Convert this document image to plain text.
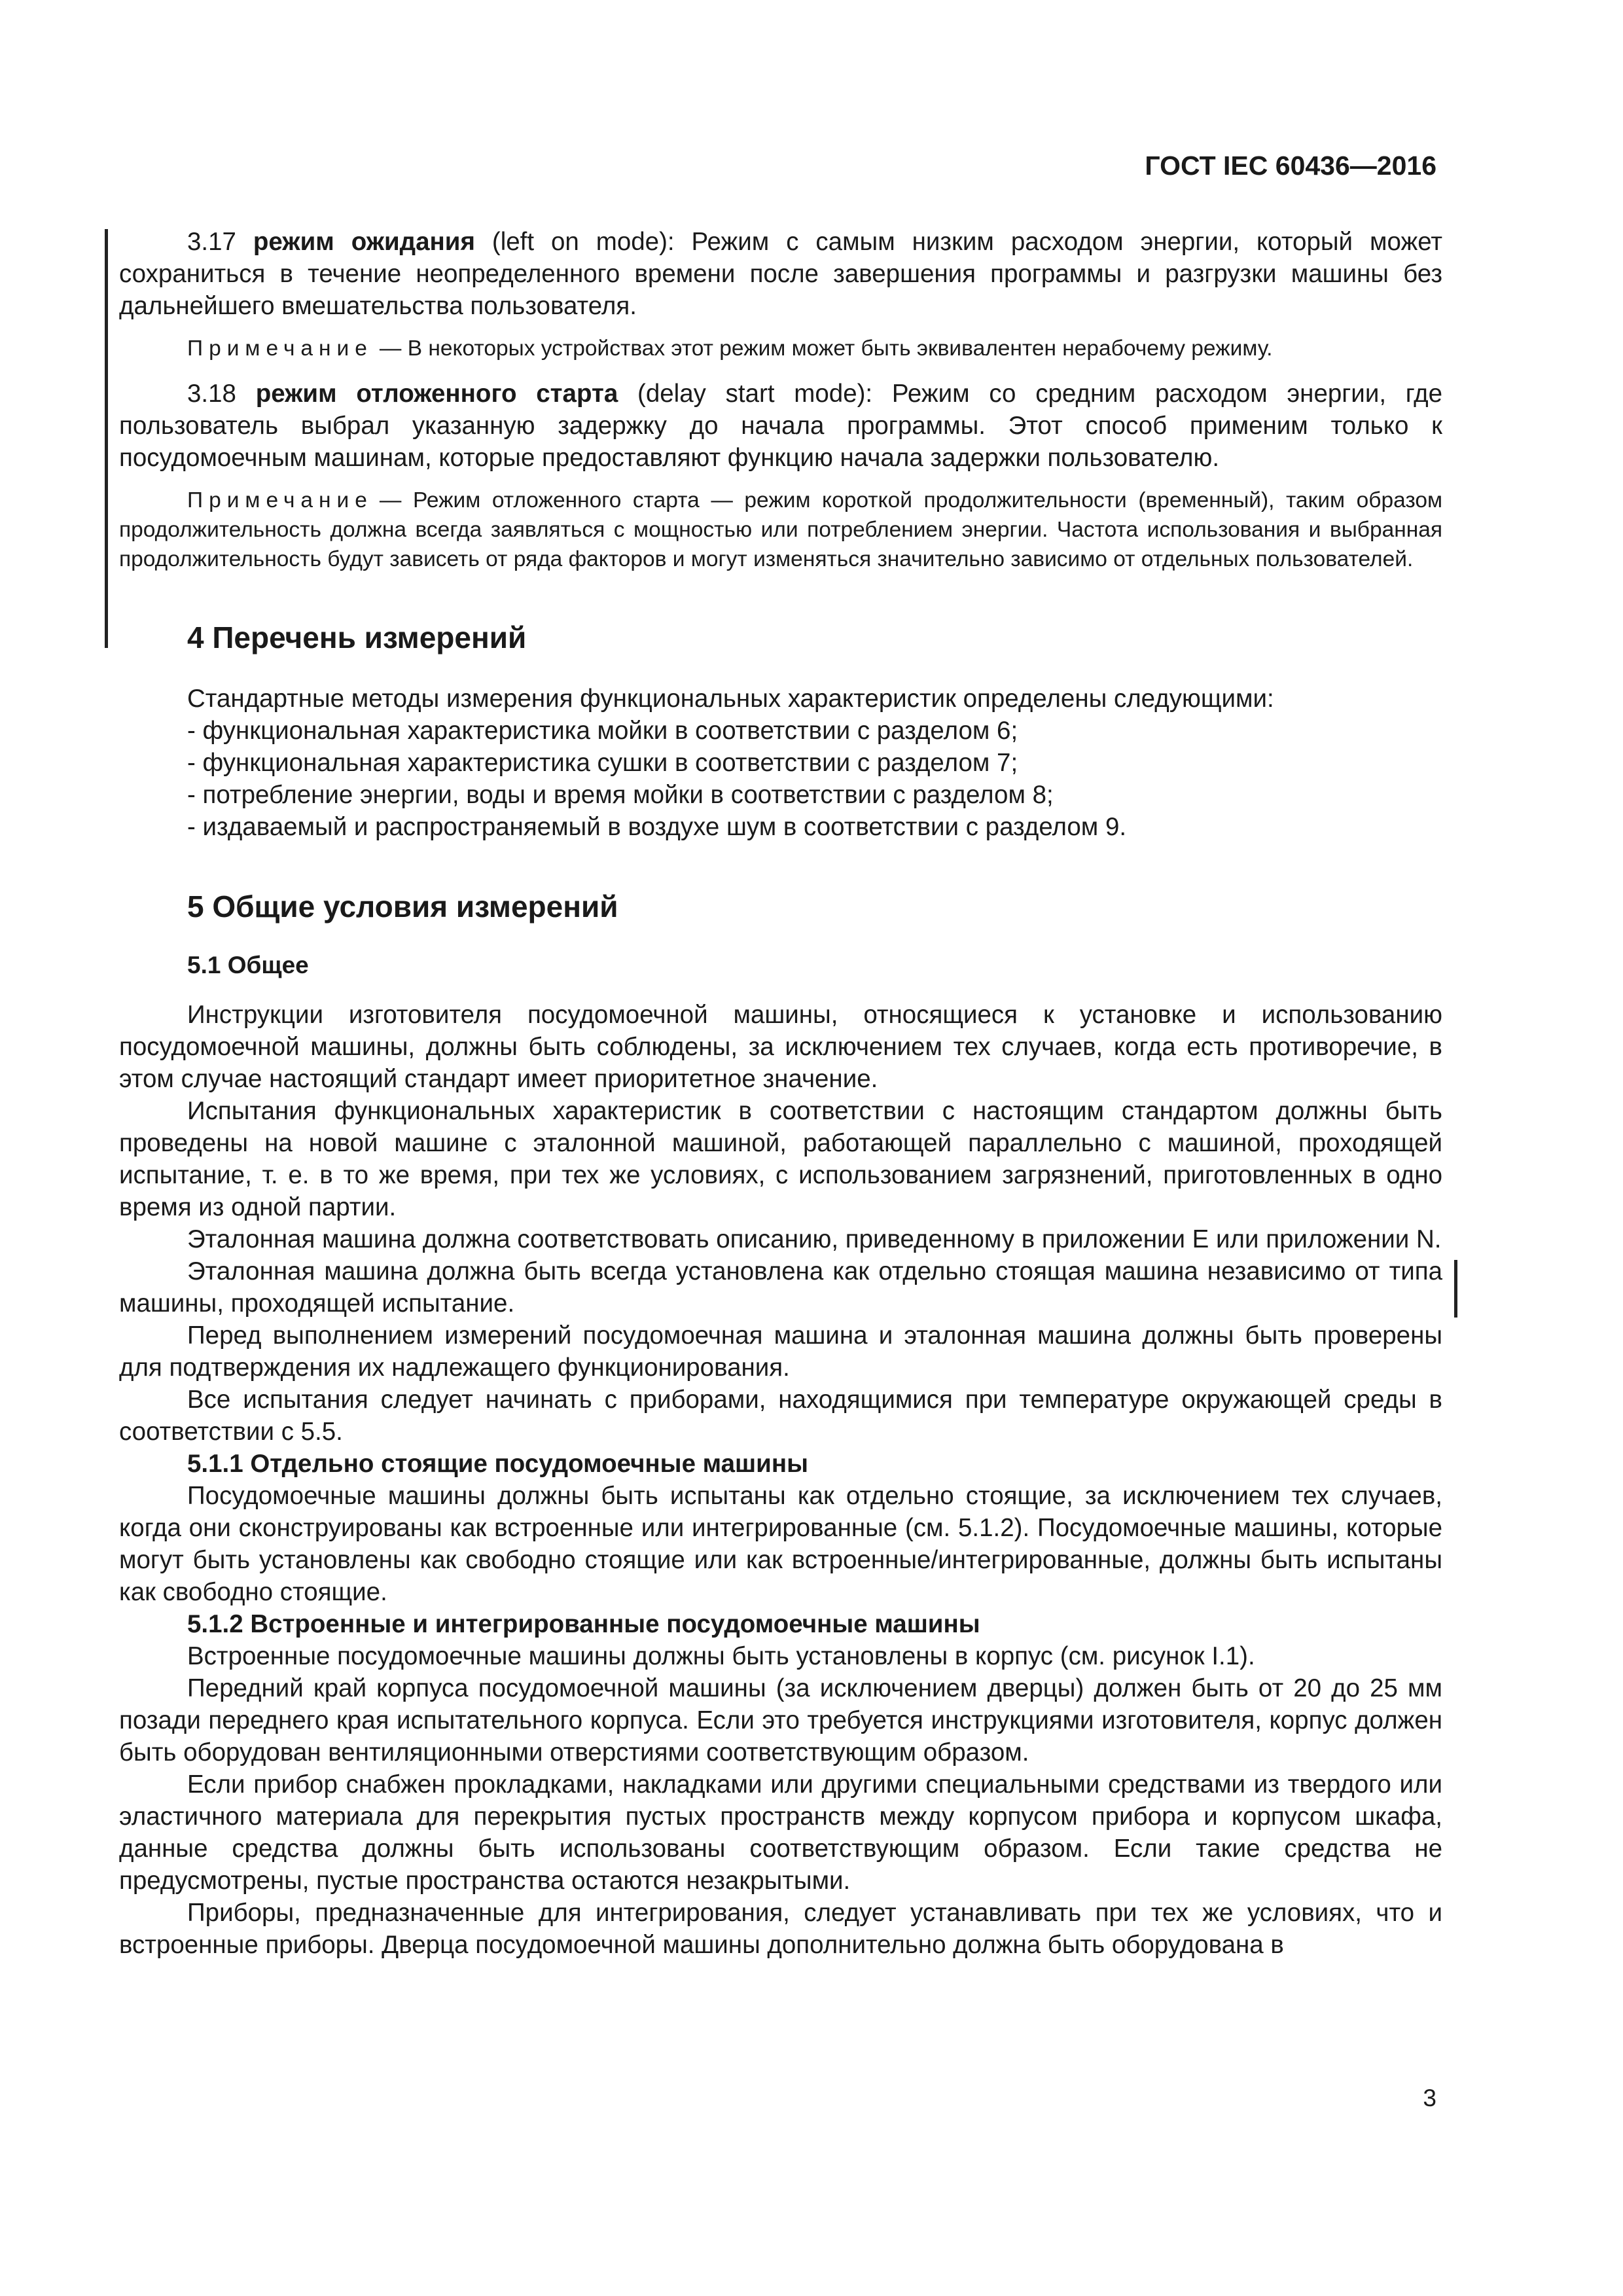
ГОСТ IEC 60436—2016

3.17 режим ожидания (left on mode): Режим с самым низким расходом энергии, который может сохраниться в течение неопределенного времени после завершения программы и разгрузки машины без дальнейшего вмешательства пользователя.

Примечание — В некоторых устройствах этот режим может быть эквивалентен нерабочему режиму.

3.18 режим отложенного старта (delay start mode): Режим со средним расходом энергии, где пользователь выбрал указанную задержку до начала программы. Этот способ применим только к посудомоечным машинам, которые предоставляют функцию начала задержки пользователю.

Примечание — Режим отложенного старта — режим короткой продолжительности (временный), таким образом продолжительность должна всегда заявляться с мощностью или потреблением энергии. Частота использования и выбранная продолжительность будут зависеть от ряда факторов и могут изменяться значительно зависимо от отдельных пользователей.

4 Перечень измерений

Стандартные методы измерения функциональных характеристик определены следующими:

- функциональная характеристика мойки в соответствии с разделом 6;
- функциональная характеристика сушки в соответствии с разделом 7;
- потребление энергии, воды и время мойки в соответствии с разделом 8;
- издаваемый и распространяемый в воздухе шум в соответствии с разделом 9.
5 Общие условия измерений
5.1 Общее

Инструкции изготовителя посудомоечной машины, относящиеся к установке и использованию посудомоечной машины, должны быть соблюдены, за исключением тех случаев, когда есть противоречие, в этом случае настоящий стандарт имеет приоритетное значение.

Испытания функциональных характеристик в соответствии с настоящим стандартом должны быть проведены на новой машине с эталонной машиной, работающей параллельно с машиной, проходящей испытание, т. е. в то же время, при тех же условиях, с использованием загрязнений, приготовленных в одно время из одной партии.

Эталонная машина должна соответствовать описанию, приведенному в приложении E или приложении N.

Эталонная машина должна быть всегда установлена как отдельно стоящая машина независимо от типа машины, проходящей испытание.

Перед выполнением измерений посудомоечная машина и эталонная машина должны быть проверены для подтверждения их надлежащего функционирования.

Все испытания следует начинать с приборами, находящимися при температуре окружающей среды в соответствии с 5.5.

5.1.1 Отдельно стоящие посудомоечные машины

Посудомоечные машины должны быть испытаны как отдельно стоящие, за исключением тех случаев, когда они сконструированы как встроенные или интегрированные (см. 5.1.2). Посудомоечные машины, которые могут быть установлены как свободно стоящие или как встроенные/интегрированные, должны быть испытаны как свободно стоящие.

5.1.2 Встроенные и интегрированные посудомоечные машины

Встроенные посудомоечные машины должны быть установлены в корпус (см. рисунок I.1).

Передний край корпуса посудомоечной машины (за исключением дверцы) должен быть от 20 до 25 мм позади переднего края испытательного корпуса. Если это требуется инструкциями изготовителя, корпус должен быть оборудован вентиляционными отверстиями соответствующим образом.

Если прибор снабжен прокладками, накладками или другими специальными средствами из твердого или эластичного материала для перекрытия пустых пространств между корпусом прибора и корпусом шкафа, данные средства должны быть использованы соответствующим образом. Если такие средства не предусмотрены, пустые пространства остаются незакрытыми.

Приборы, предназначенные для интегрирования, следует устанавливать при тех же условиях, что и встроенные приборы. Дверца посудомоечной машины дополнительно должна быть оборудована в

3
